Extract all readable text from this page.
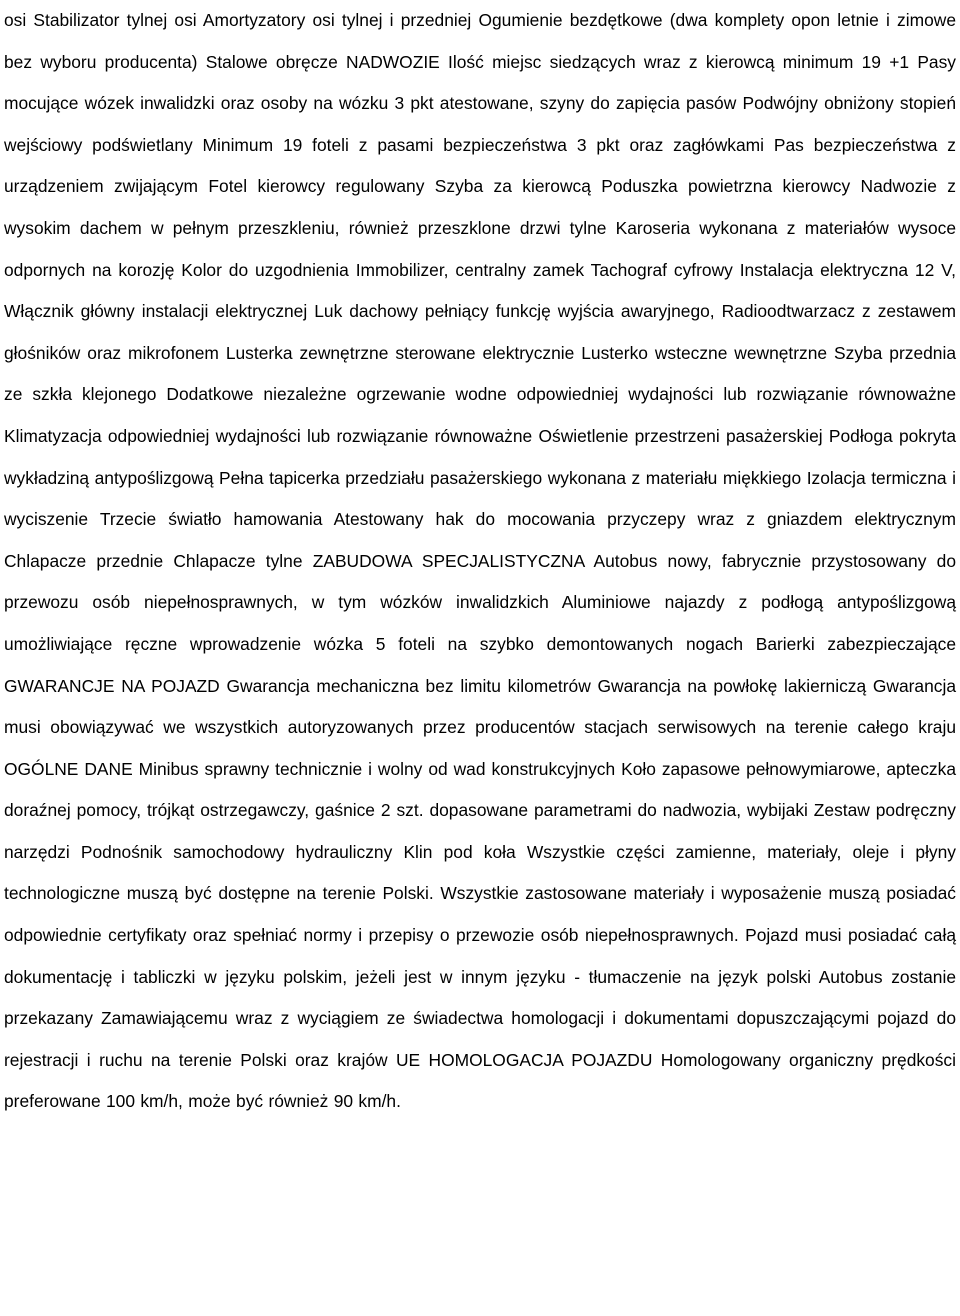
osi Stabilizator tylnej osi Amortyzatory osi tylnej i przedniej Ogumienie bezdętkowe (dwa komplety opon letnie i zimowe bez wyboru producenta) Stalowe obręcze NADWOZIE Ilość miejsc siedzących wraz z kierowcą minimum 19 +1 Pasy mocujące wózek inwalidzki oraz osoby na wózku 3 pkt atestowane, szyny do zapięcia pasów Podwójny obniżony stopień wejściowy podświetlany Minimum 19 foteli z pasami bezpieczeństwa 3 pkt oraz zagłówkami Pas bezpieczeństwa z urządzeniem zwijającym Fotel kierowcy regulowany Szyba za kierowcą Poduszka powietrzna kierowcy Nadwozie z wysokim dachem w pełnym przeszkleniu, również przeszklone drzwi tylne Karoseria wykonana z materiałów wysoce odpornych na korozję Kolor do uzgodnienia Immobilizer, centralny zamek Tachograf cyfrowy Instalacja elektryczna 12 V, Włącznik główny instalacji elektrycznej Luk dachowy pełniący funkcję wyjścia awaryjnego, Radioodtwarzacz z zestawem głośników oraz mikrofonem Lusterka zewnętrzne sterowane elektrycznie Lusterko wsteczne wewnętrzne Szyba przednia ze szkła klejonego Dodatkowe niezależne ogrzewanie wodne odpowiedniej wydajności lub rozwiązanie równoważne Klimatyzacja odpowiedniej wydajności lub rozwiązanie równoważne Oświetlenie przestrzeni pasażerskiej Podłoga pokryta wykładziną antypoślizgową Pełna tapicerka przedziału pasażerskiego wykonana z materiału miękkiego Izolacja termiczna i wyciszenie Trzecie światło hamowania Atestowany hak do mocowania przyczepy wraz z gniazdem elektrycznym Chlapacze przednie Chlapacze tylne ZABUDOWA SPECJALISTYCZNA Autobus nowy, fabrycznie przystosowany do przewozu osób niepełnosprawnych, w tym wózków inwalidzkich Aluminiowe najazdy z podłogą antypoślizgową umożliwiające ręczne wprowadzenie wózka 5 foteli na szybko demontowanych nogach Barierki zabezpieczające GWARANCJE NA POJAZD Gwarancja mechaniczna bez limitu kilometrów Gwarancja na powłokę lakierniczą Gwarancja musi obowiązywać we wszystkich autoryzowanych przez producentów stacjach serwisowych na terenie całego kraju OGÓLNE DANE Minibus sprawny technicznie i wolny od wad konstrukcyjnych Koło zapasowe pełnowymiarowe, apteczka doraźnej pomocy, trójkąt ostrzegawczy, gaśnice 2 szt. dopasowane parametrami do nadwozia, wybijaki Zestaw podręczny narzędzi Podnośnik samochodowy hydrauliczny Klin pod koła Wszystkie części zamienne, materiały, oleje i płyny technologiczne muszą być dostępne na terenie Polski. Wszystkie zastosowane materiały i wyposażenie muszą posiadać odpowiednie certyfikaty oraz spełniać normy i przepisy o przewozie osób niepełnosprawnych. Pojazd musi posiadać całą dokumentację i tabliczki w języku polskim, jeżeli jest w innym języku - tłumaczenie na język polski Autobus zostanie przekazany Zamawiającemu wraz z wyciągiem ze świadectwa homologacji i dokumentami dopuszczającymi pojazd do rejestracji i ruchu na terenie Polski oraz krajów UE HOMOLOGACJA POJAZDU Homologowany organiczny prędkości preferowane 100 km/h, może być również 90 km/h.
